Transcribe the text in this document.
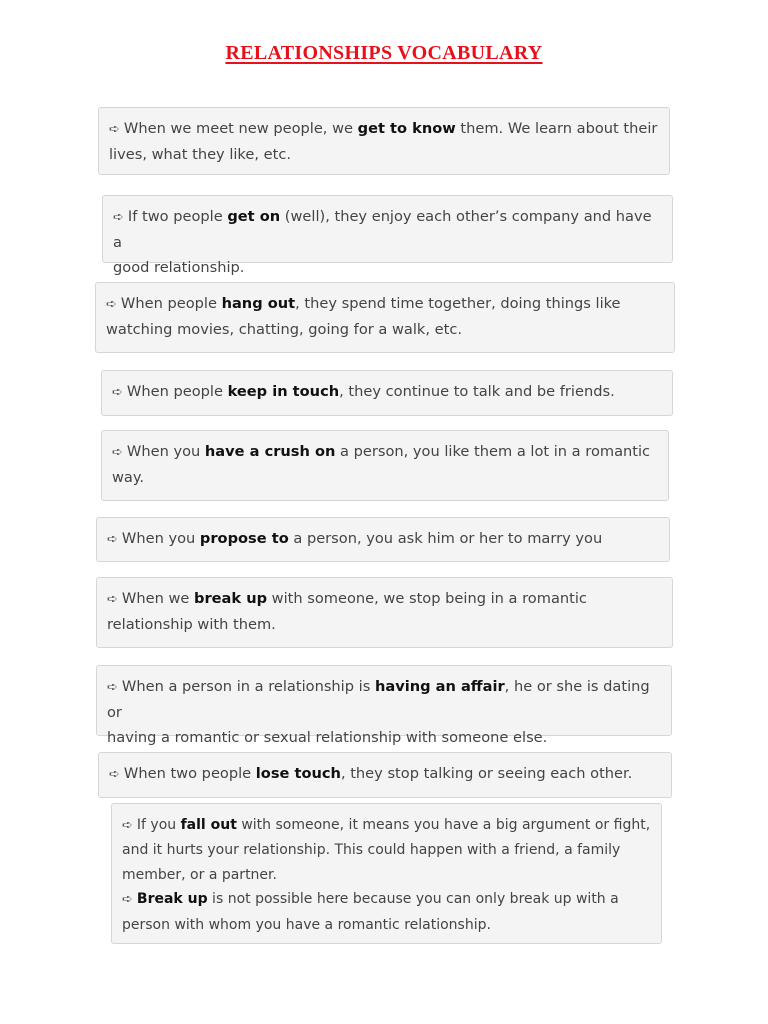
RELATIONSHIPS VOCABULARY
➪ When we meet new people, we get to know them. We learn about their
lives, what they like, etc.
➪ If two people get on (well), they enjoy each other’s company and have a
good relationship.
➪ When people hang out, they spend time together, doing things like
watching movies, chatting, going for a walk, etc.
➪ When people keep in touch, they continue to talk and be friends.
➪ When you have a crush on a person, you like them a lot in a romantic
way.
➪ When you propose to a person, you ask him or her to marry you
➪ When we break up with someone, we stop being in a romantic
relationship with them.
➪ When a person in a relationship is having an affair, he or she is dating or
having a romantic or sexual relationship with someone else.
➪ When two people lose touch, they stop talking or seeing each other.
➪ If you fall out with someone, it means you have a big argument or fight,
and it hurts your relationship. This could happen with a friend, a family
member, or a partner.
➪ Break up is not possible here because you can only break up with a
person with whom you have a romantic relationship.
